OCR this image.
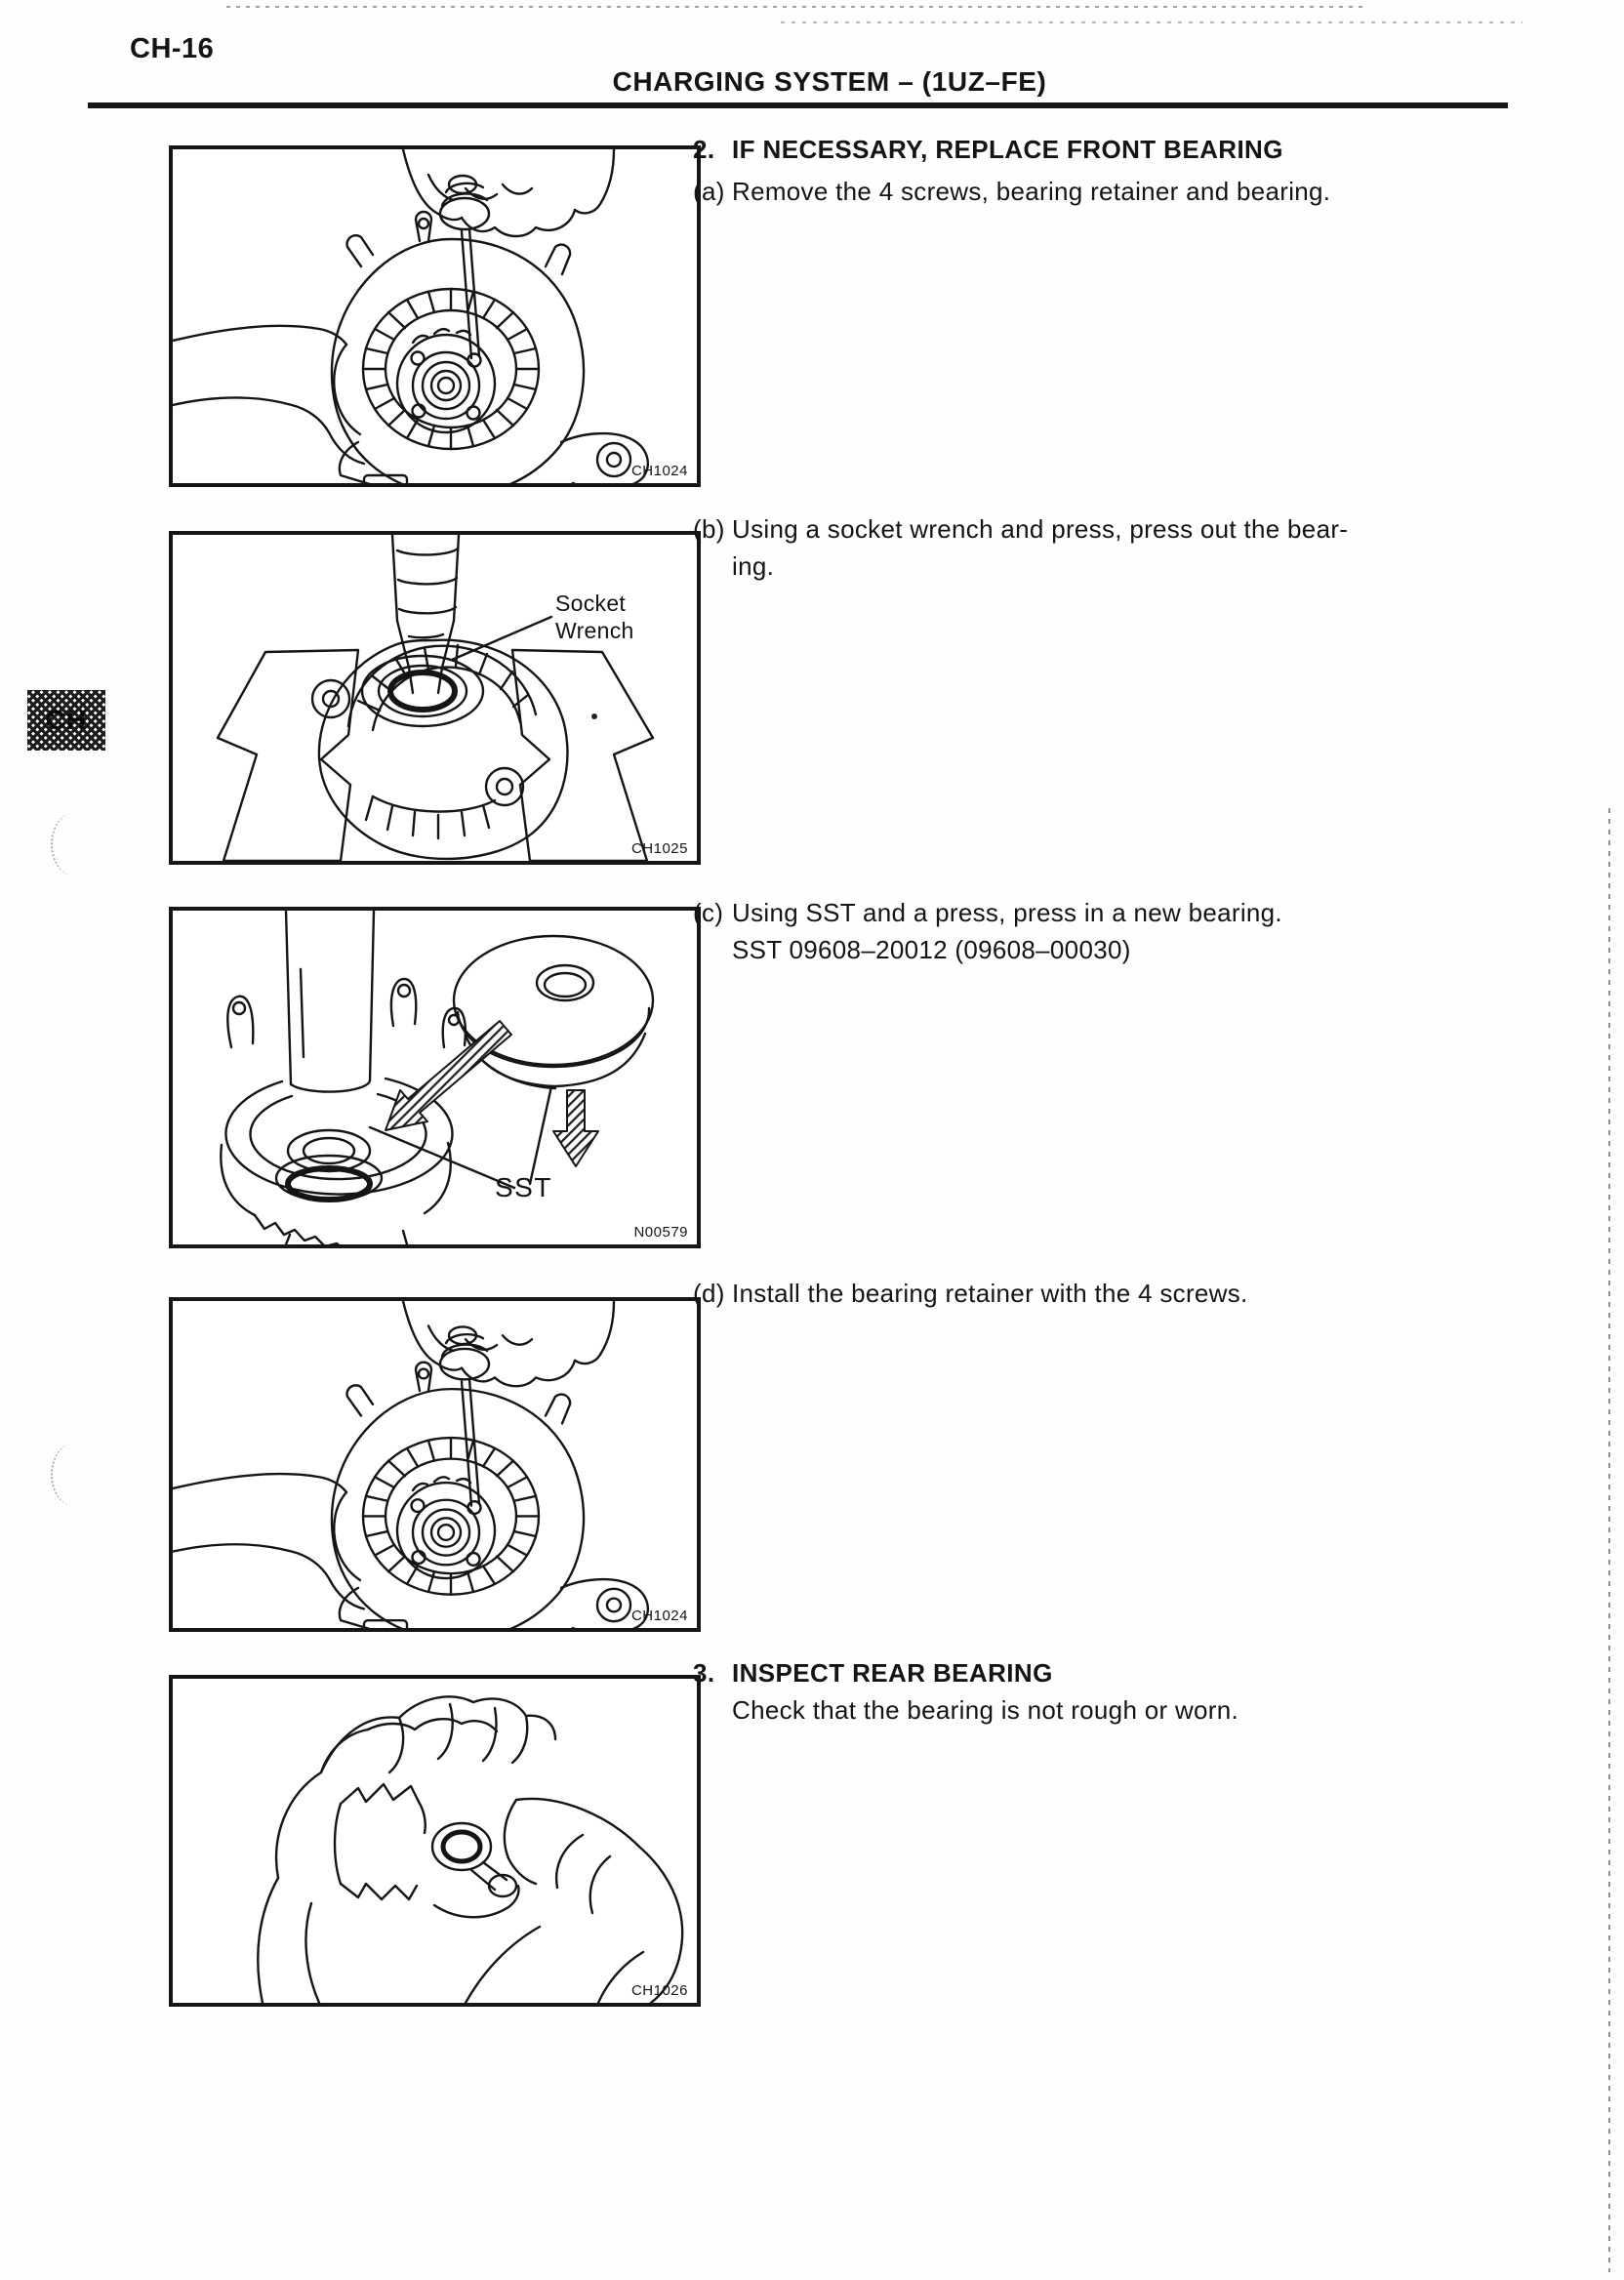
CH-16
CHARGING SYSTEM – (1UZ–FE)
CH
CH1024
Socket
Wrench
CH1025
SST
N00579
CH1024
CH1026
2. IF NECESSARY, REPLACE FRONT BEARING
(a) Remove the 4 screws, bearing retainer and bearing.
(b) Using a socket wrench and press, press out the bear-
ing.
(c) Using SST and a press, press in a new bearing.
SST 09608–20012 (09608–00030)
(d) Install the bearing retainer with the 4 screws.
3. INSPECT REAR BEARING
Check that the bearing is not rough or worn.
